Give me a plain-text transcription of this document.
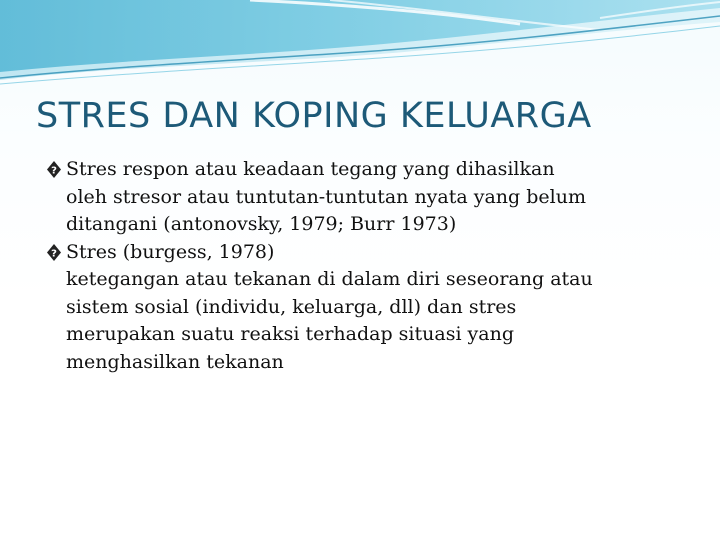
STRES DAN KOPING KELUARGA
? Stres respon atau keadaan tegang yang dihasilkan
oleh stresor atau tuntutan-tuntutan nyata yang belum
ditangani (antonovsky, 1979; Burr 1973)
? Stres (burgess, 1978)
ketegangan atau tekanan di dalam diri seseorang atau
sistem sosial (individu, keluarga, dll) dan stres
merupakan suatu reaksi terhadap situasi yang
menghasilkan tekanan
